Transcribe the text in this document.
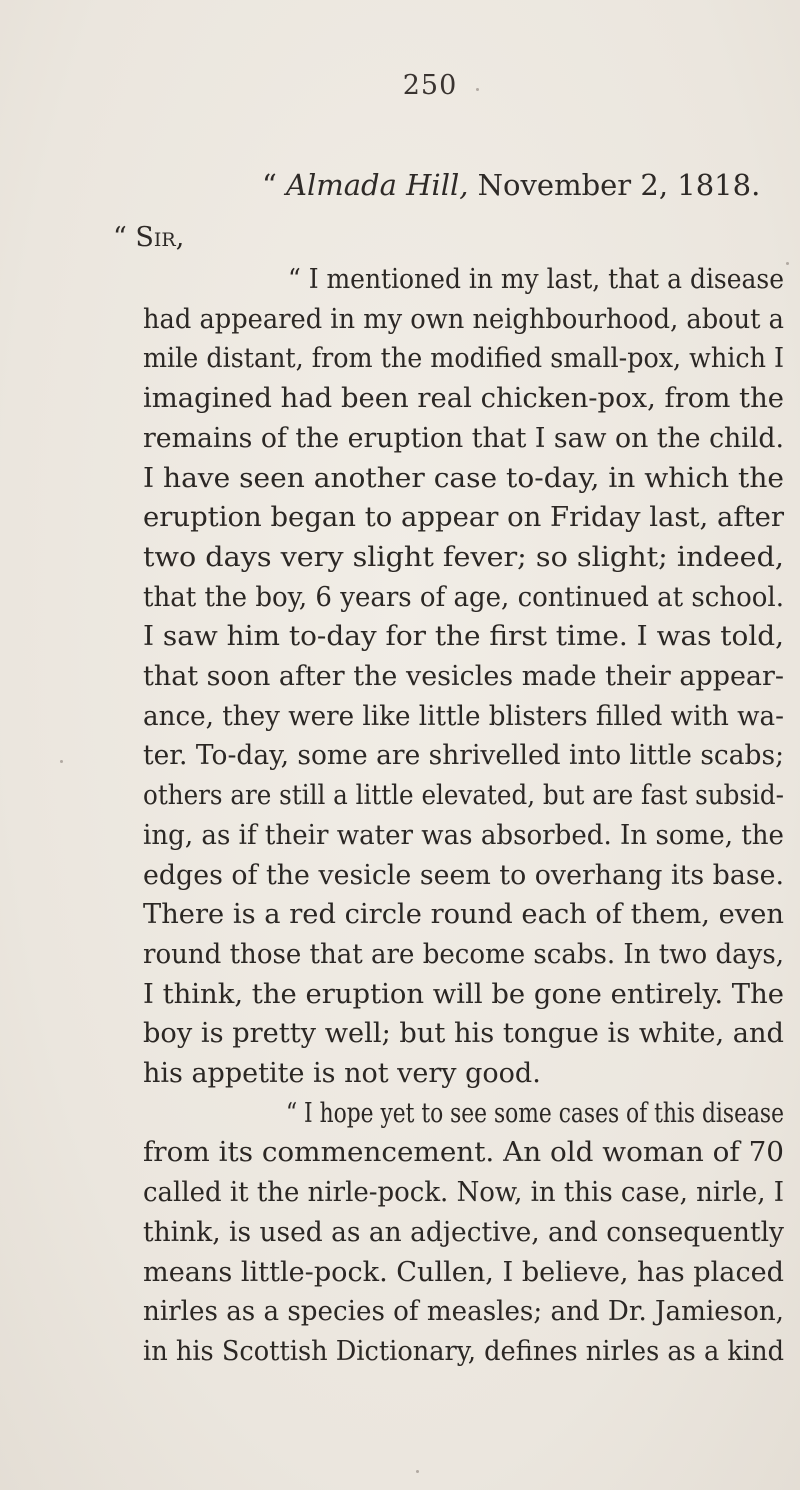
250
“ Almada Hill, November 2, 1818.
“ Sir,
“ I mentioned in my last, that a disease
had appeared in my own neighbourhood, about a
mile distant, from the modified small-pox, which I
imagined had been real chicken-pox, from the
remains of the eruption that I saw on the child.
I have seen another case to-day, in which the
eruption began to appear on Friday last, after
two days very slight fever; so slight; indeed,
that the boy, 6 years of age, continued at school.
I saw him to-day for the first time. I was told,
that soon after the vesicles made their appear-
ance, they were like little blisters filled with wa-
ter. To-day, some are shrivelled into little scabs;
others are still a little elevated, but are fast subsid-
ing, as if their water was absorbed. In some, the
edges of the vesicle seem to overhang its base.
There is a red circle round each of them, even
round those that are become scabs. In two days,
I think, the eruption will be gone entirely. The
boy is pretty well; but his tongue is white, and
his appetite is not very good.
“ I hope yet to see some cases of this disease
from its commencement. An old woman of 70
called it the nirle-pock. Now, in this case, nirle, I
think, is used as an adjective, and consequently
means little-pock. Cullen, I believe, has placed
nirles as a species of measles; and Dr. Jamieson,
in his Scottish Dictionary, defines nirles as a kind
